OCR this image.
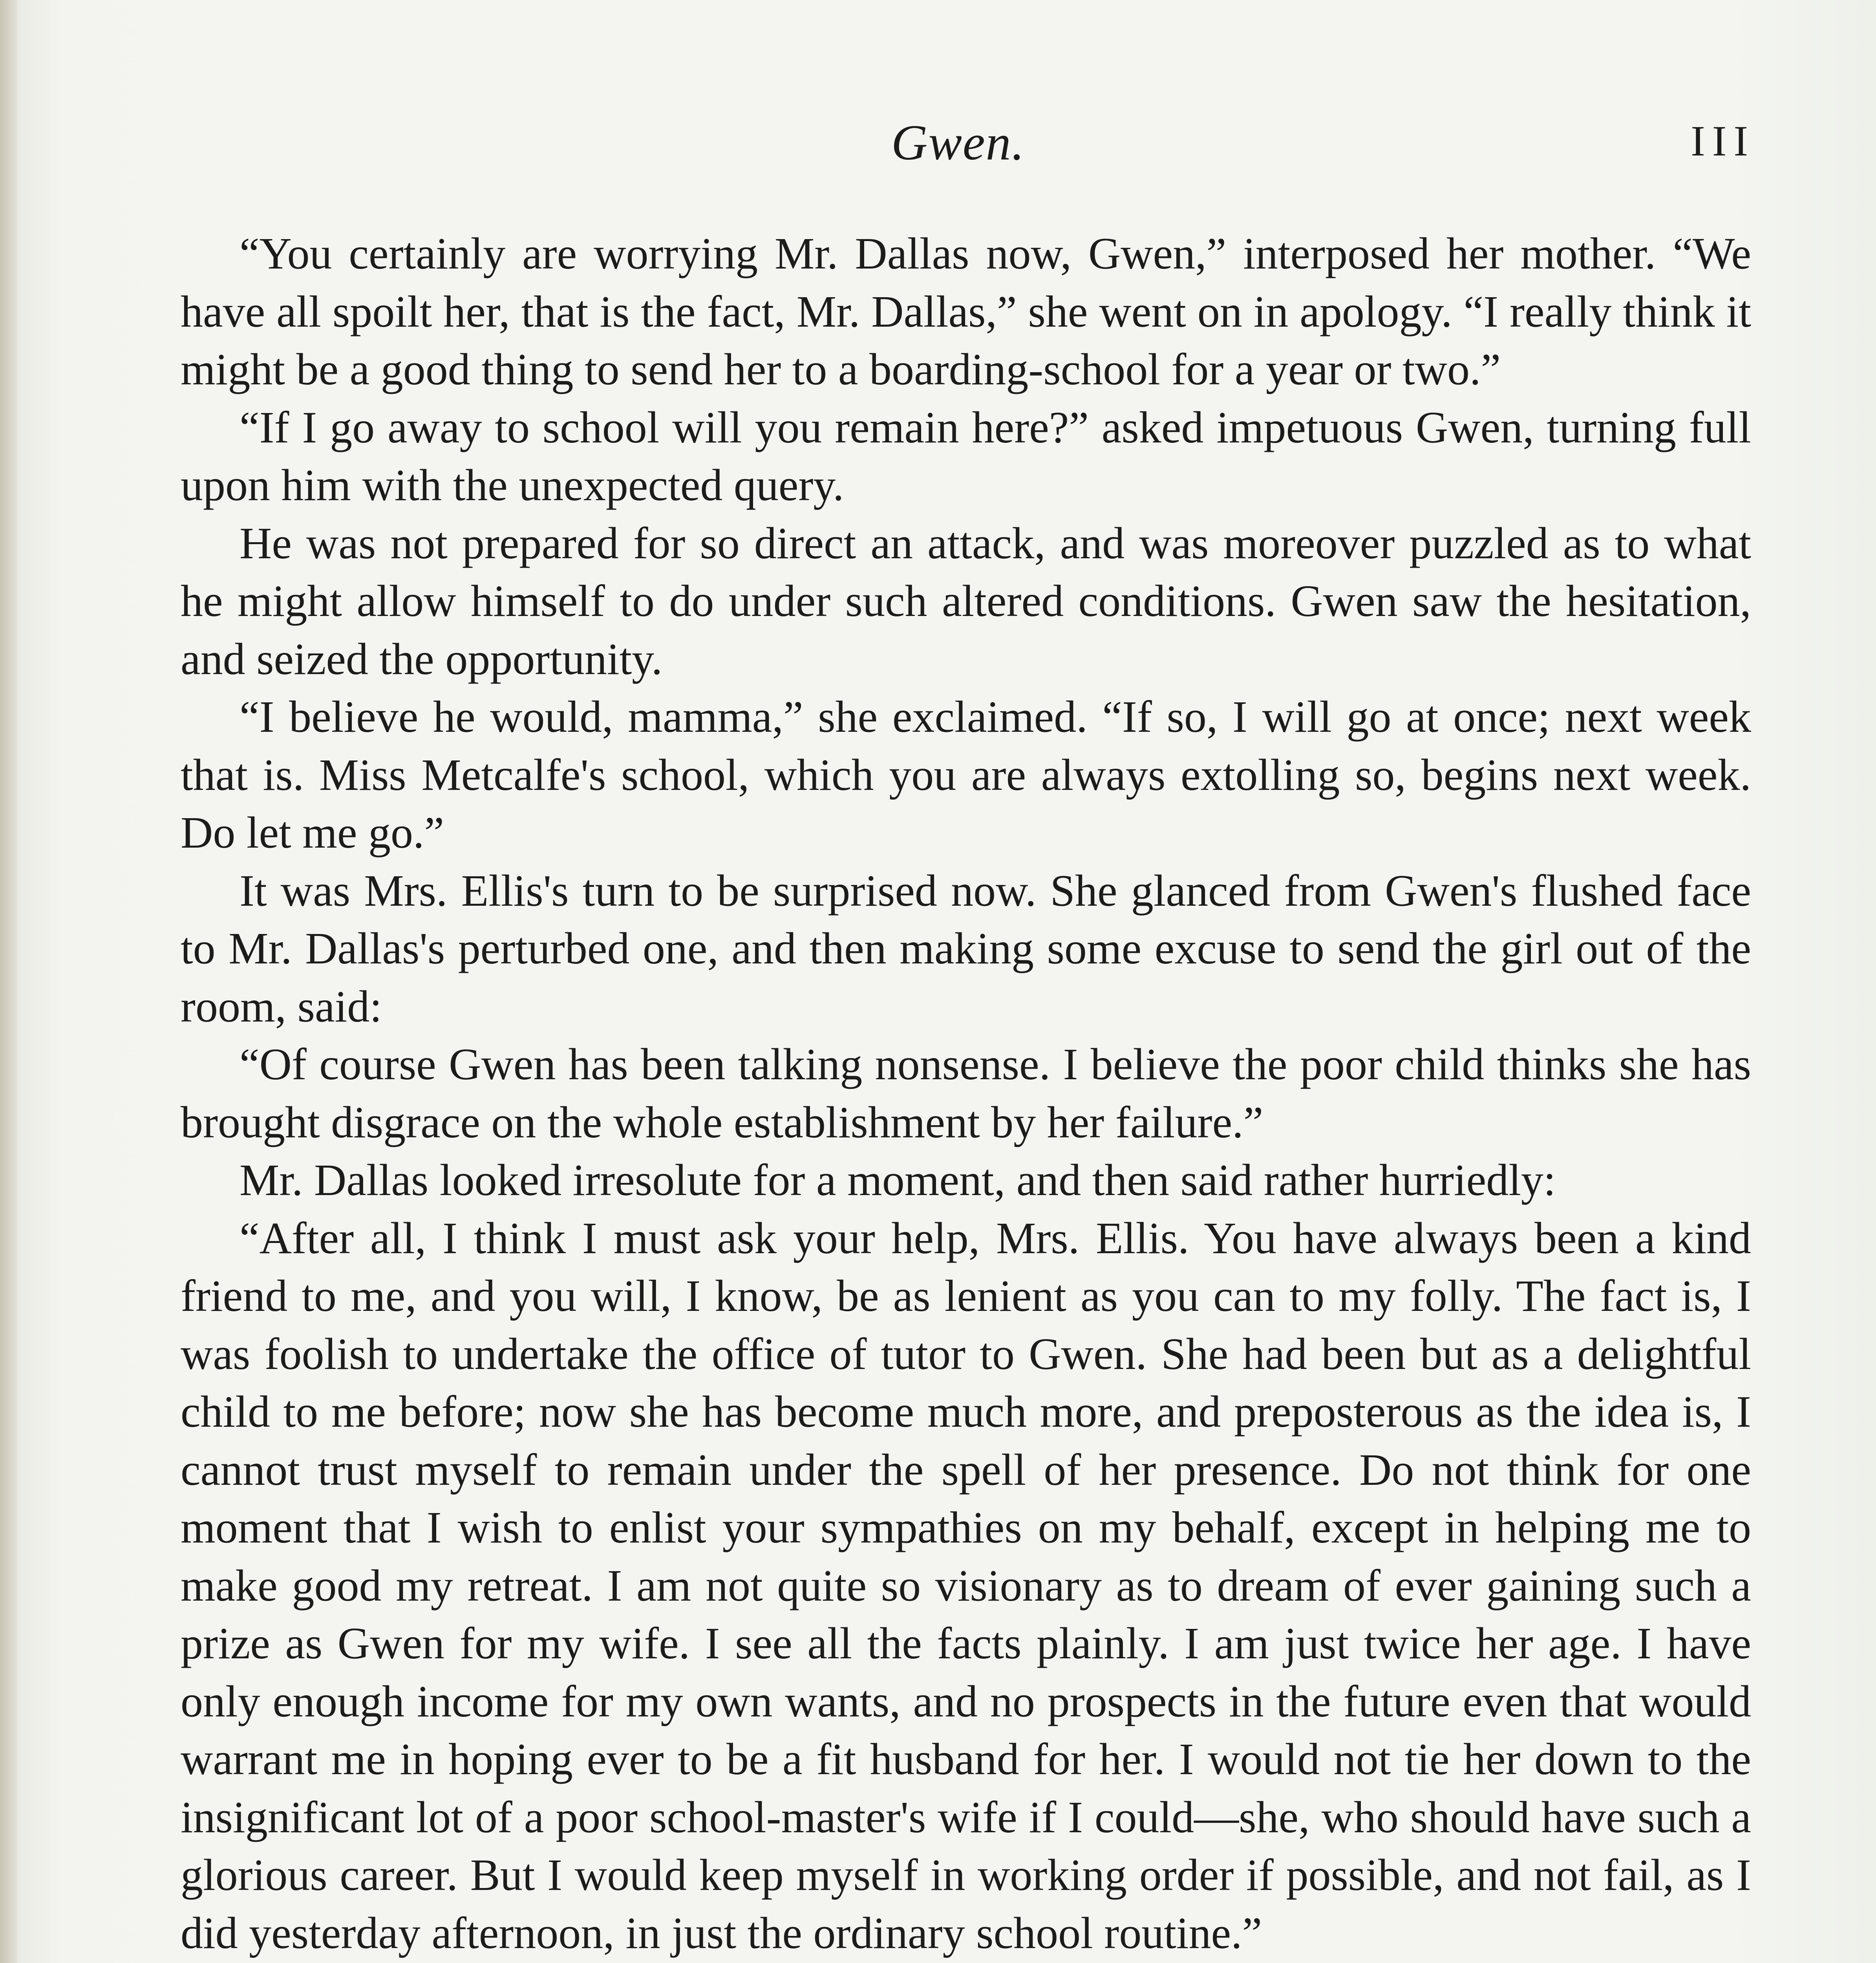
Gwen.	III

“You certainly are worrying Mr. Dallas now, Gwen,” interposed her mother. “We have all spoilt her, that is the fact, Mr. Dallas,” she went on in apology. “I really think it might be a good thing to send her to a boarding-school for a year or two.”

“If I go away to school will you remain here?” asked impetuous Gwen, turning full upon him with the unexpected query.

He was not prepared for so direct an attack, and was moreover puzzled as to what he might allow himself to do under such altered conditions. Gwen saw the hesitation, and seized the opportunity.

“I believe he would, mamma,” she exclaimed. “If so, I will go at once; next week that is. Miss Metcalfe's school, which you are always extolling so, begins next week. Do let me go.”

It was Mrs. Ellis's turn to be surprised now. She glanced from Gwen's flushed face to Mr. Dallas's perturbed one, and then making some excuse to send the girl out of the room, said:

“Of course Gwen has been talking nonsense. I believe the poor child thinks she has brought disgrace on the whole establishment by her failure.”

Mr. Dallas looked irresolute for a moment, and then said rather hurriedly:

“After all, I think I must ask your help, Mrs. Ellis. You have always been a kind friend to me, and you will, I know, be as lenient as you can to my folly. The fact is, I was foolish to undertake the office of tutor to Gwen. She had been but as a delightful child to me before; now she has become much more, and preposterous as the idea is, I cannot trust myself to remain under the spell of her presence. Do not think for one moment that I wish to enlist your sympathies on my behalf, except in helping me to make good my retreat. I am not quite so visionary as to dream of ever gaining such a prize as Gwen for my wife. I see all the facts plainly. I am just twice her age. I have only enough income for my own wants, and no prospects in the future even that would warrant me in hoping ever to be a fit husband for her. I would not tie her down to the insignificant lot of a poor school-master's wife if I could—she, who should have such a glorious career. But I would keep myself in working order if possible, and not fail, as I did yesterday afternoon, in just the ordinary school routine.”
